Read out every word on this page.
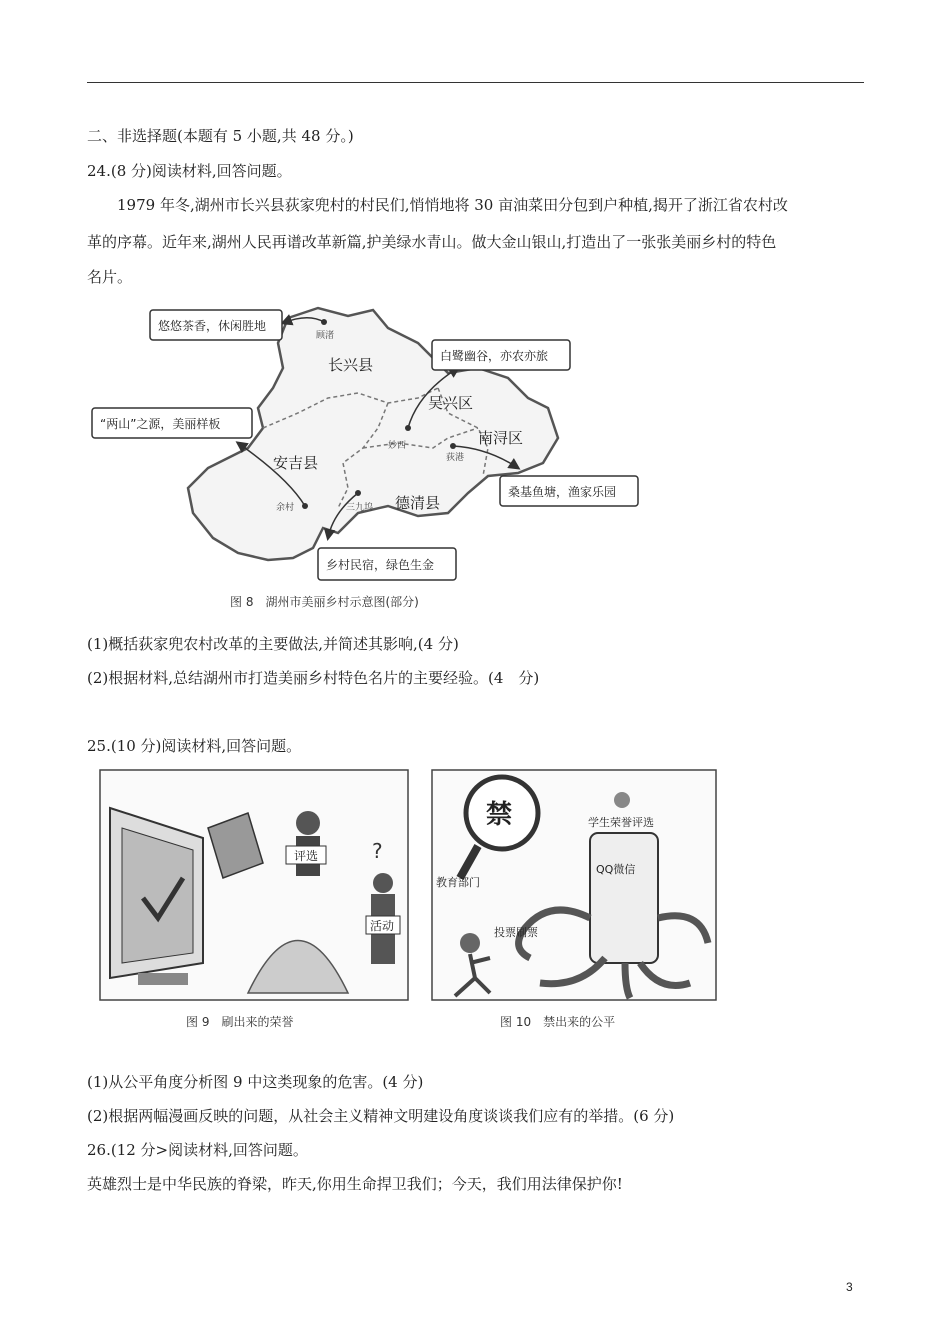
二、非选择题(本题有 5 小题,共 48 分。)
24.(8 分)阅读材料,回答问题。
1979 年冬,湖州市长兴县荻家兜村的村民们,悄悄地将 30 亩油菜田分包到户种植,揭开了浙江省农村改
革的序幕。近年来,湖州人民再谱改革新篇,护美绿水青山。做大金山银山,打造出了一张张美丽乡村的特色
名片。
长兴县
吴兴区
南浔区
安吉县
德清县
顾渚
妙西
荻港
余村	三九坞
悠悠茶香，休闲胜地
白鹭幽谷，亦农亦旅
“两山”之源，美丽样板
桑基鱼塘，渔家乐园
乡村民宿，绿色生金
图 8　湖州市美丽乡村示意图(部分)
(1)概括荻家兜农村改革的主要做法,并简述其影响,(4 分)
(2)根据材料,总结湖州市打造美丽乡村特色名片的主要经验。(4　分)
25.(10 分)阅读材料,回答问题。
评选
活动
?
图 9　刷出来的荣誉
禁
教育部门
学生荣誉评选
QQ微信
投票刷票
图 10　禁出来的公平
(1)从公平角度分析图 9 中这类现象的危害。(4 分)
(2)根据两幅漫画反映的问题，从社会主义精神文明建设角度谈谈我们应有的举措。(6 分)
26.(12 分>阅读材料,回答问题。
英雄烈士是中华民族的脊梁，昨天,你用生命捍卫我们；今天，我们用法律保护你!
3
